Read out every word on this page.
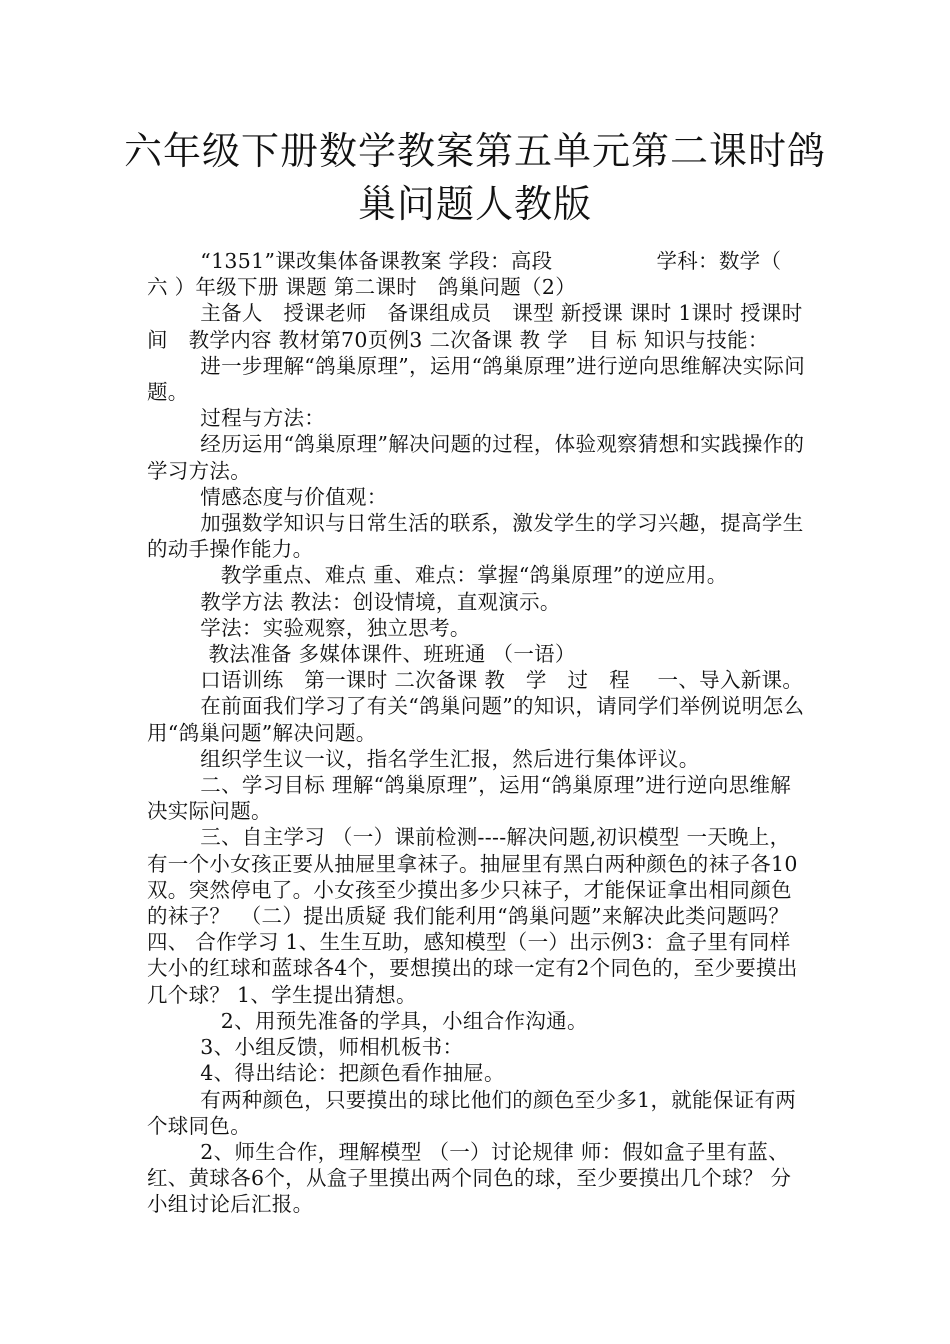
六年级下册数学教案第五单元第二课时鸽巢问题人教版

“1351”课改集体备课教案 学段：高段　　　　　学科：数学（ 六 ）年级下册 课题 第二课时　鸽巢问题（2）

主备人　授课老师　备课组成员　课型 新授课 课时 1课时 授课时间　教学内容 教材第70页例3 二次备课 教 学　目 标 知识与技能：

进一步理解“鸽巢原理”，运用“鸽巢原理”进行逆向思维解决实际问题。

过程与方法：

经历运用“鸽巢原理”解决问题的过程，体验观察猜想和实践操作的学习方法。

情感态度与价值观：

加强数学知识与日常生活的联系，激发学生的学习兴趣，提高学生的动手操作能力。

教学重点、难点 重、难点：掌握“鸽巢原理”的逆应用。

教学方法 教法：创设情境，直观演示。

学法：实验观察，独立思考。

教法准备 多媒体课件、班班通 （一语）

口语训练　第一课时 二次备课 教　学　过　程　 一、导入新课。

在前面我们学习了有关“鸽巢问题”的知识，请同学们举例说明怎么用“鸽巢问题”解决问题。

组织学生议一议，指名学生汇报，然后进行集体评议。

二、学习目标 理解“鸽巢原理”，运用“鸽巢原理”进行逆向思维解决实际问题。

三、自主学习 （一）课前检测----解决问题,初识模型 一天晚上，有一个小女孩正要从抽屉里拿袜子。抽屉里有黑白两种颜色的袜子各10双。突然停电了。小女孩至少摸出多少只袜子，才能保证拿出相同颜色的袜子？　（二）提出质疑 我们能利用“鸽巢问题”来解决此类问题吗？ 四、 合作学习 1、生生互助，感知模型（一）出示例3：盒子里有同样大小的红球和蓝球各4个，要想摸出的球一定有2个同色的，至少要摸出几个球？ 1、学生提出猜想。

2、用预先准备的学具，小组合作沟通。

3、小组反馈，师相机板书：

4、得出结论：把颜色看作抽屉。

有两种颜色，只要摸出的球比他们的颜色至少多1，就能保证有两个球同色。

2、师生合作，理解模型 （一）讨论规律 师：假如盒子里有蓝、红、黄球各6个，从盒子里摸出两个同色的球，至少要摸出几个球？ 分小组讨论后汇报。
